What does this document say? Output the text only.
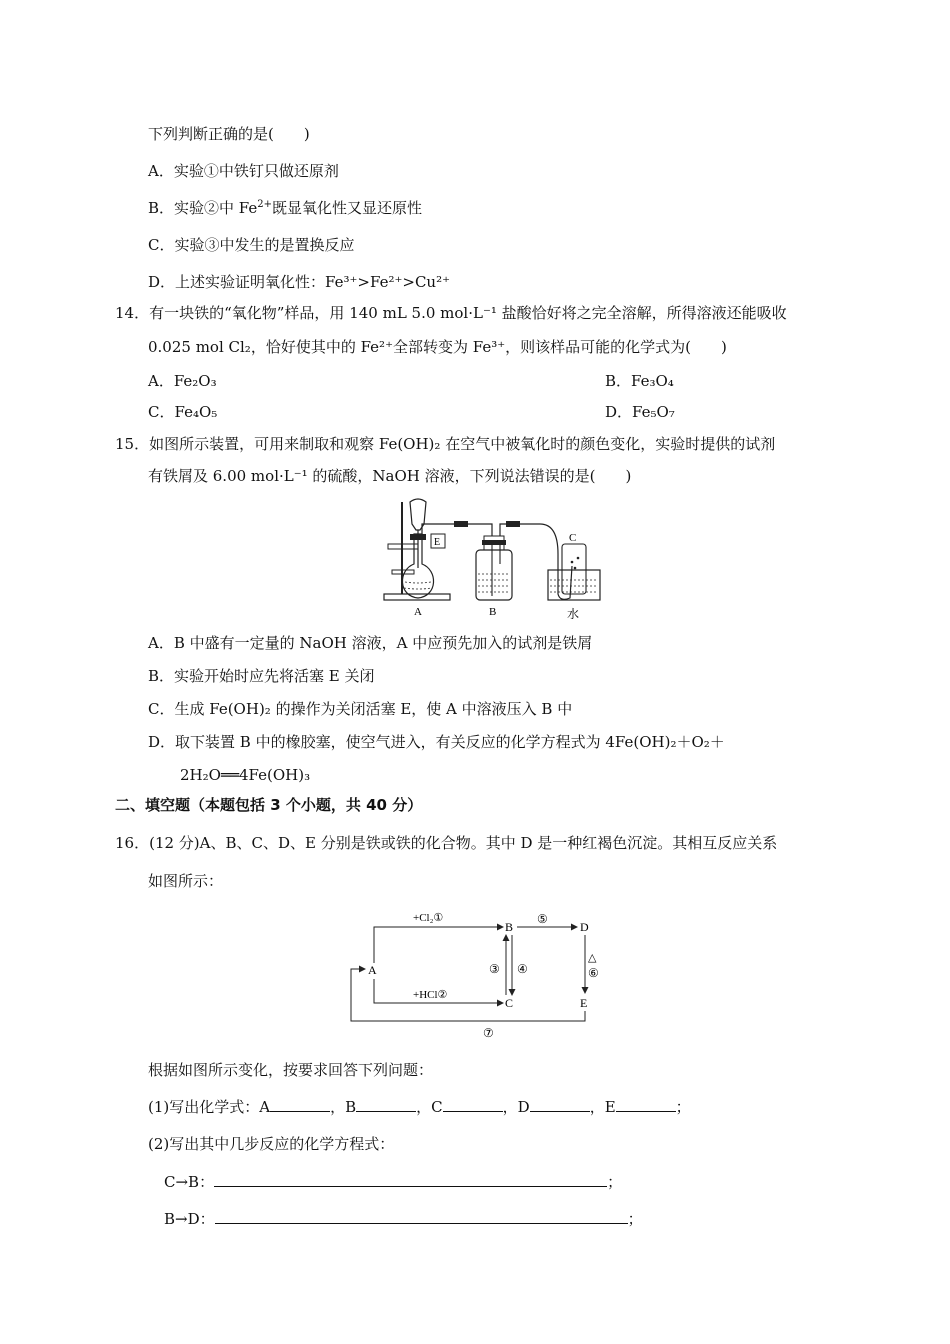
下列判断正确的是(　　)
A．实验①中铁钉只做还原剂
B．实验②中 $Fe^{2+}$既显氧化性又显还原性
C．实验③中发生的是置换反应
D．上述实验证明氧化性：Fe³⁺>Fe²⁺>Cu²⁺
14．有一块铁的“氧化物”样品，用 140 mL 5.0 mol·L⁻¹ 盐酸恰好将之完全溶解，所得溶液还能吸收
0.025 mol Cl₂，恰好使其中的 Fe²⁺全部转变为 Fe³⁺，则该样品可能的化学式为(　　)
A．Fe₂O₃	B．Fe₃O₄
C．Fe₄O₅	D．Fe₅O₇
15．如图所示装置，可用来制取和观察 Fe(OH)₂ 在空气中被氧化时的颜色变化，实验时提供的试剂
有铁屑及 6.00 mol·L⁻¹ 的硫酸，NaOH 溶液，下列说法错误的是(　　)
E
A	B
C
水
A．B 中盛有一定量的 NaOH 溶液，A 中应预先加入的试剂是铁屑
B．实验开始时应先将活塞 E 关闭
C．生成 Fe(OH)₂ 的操作为关闭活塞 E，使 A 中溶液压入 B 中
D．取下装置 B 中的橡胶塞，使空气进入，有关反应的化学方程式为 4Fe(OH)₂＋O₂＋
2H₂O══4Fe(OH)₃
二、填空题（本题包括 3 个小题，共 40 分）
16．(12 分)A、B、C、D、E 分别是铁或铁的化合物。其中 D 是一种红褐色沉淀。其相互反应关系
如图所示：
A
B
C
D
E
+Cl₂①
+HCl②
③ ④
⑤
△
⑥
⑦
根据如图所示变化，按要求回答下列问题：
(1)写出化学式：A	，B	，C	，D	，E	；
(2)写出其中几步反应的化学方程式：
C→B：	；
B→D：	；
